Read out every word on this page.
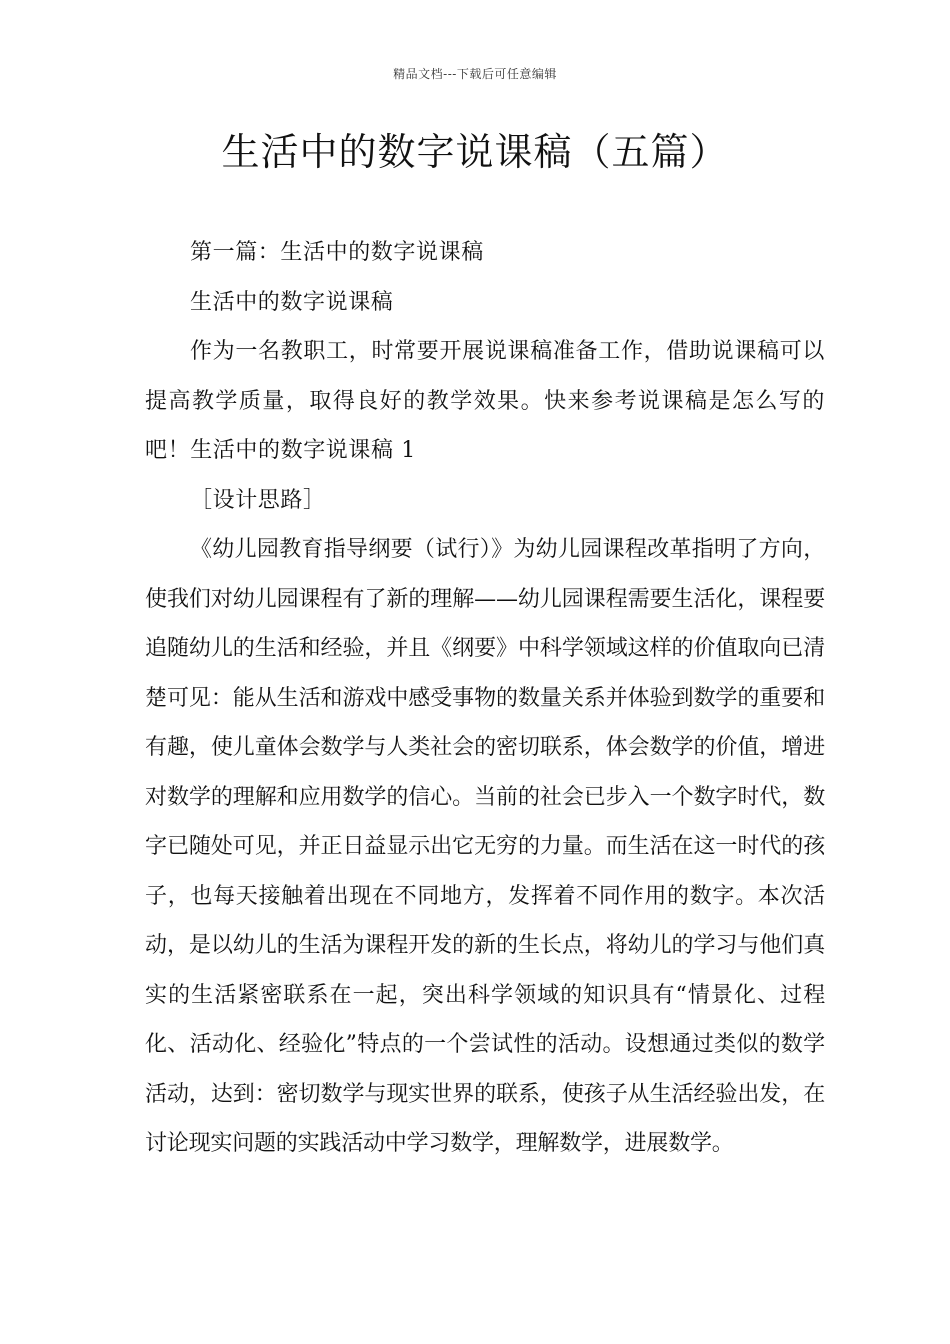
精品文档---下载后可任意编辑
生活中的数字说课稿（五篇）

第一篇：生活中的数字说课稿

生活中的数字说课稿

作为一名教职工，时常要开展说课稿准备工作，借助说课稿可以提高教学质量，取得良好的教学效果。快来参考说课稿是怎么写的吧！生活中的数字说课稿 1

［设计思路］

《幼儿园教育指导纲要（试行）》为幼儿园课程改革指明了方向，使我们对幼儿园课程有了新的理解——幼儿园课程需要生活化，课程要追随幼儿的生活和经验，并且《纲要》中科学领域这样的价值取向已清楚可见：能从生活和游戏中感受事物的数量关系并体验到数学的重要和有趣，使儿童体会数学与人类社会的密切联系，体会数学的价值，增进对数学的理解和应用数学的信心。当前的社会已步入一个数字时代，数字已随处可见，并正日益显示出它无穷的力量。而生活在这一时代的孩子，也每天接触着出现在不同地方，发挥着不同作用的数字。本次活动，是以幼儿的生活为课程开发的新的生长点，将幼儿的学习与他们真实的生活紧密联系在一起，突出科学领域的知识具有“情景化、过程化、活动化、经验化”特点的一个尝试性的活动。设想通过类似的数学活动，达到：密切数学与现实世界的联系，使孩子从生活经验出发，在讨论现实问题的实践活动中学习数学，理解数学，进展数学。
